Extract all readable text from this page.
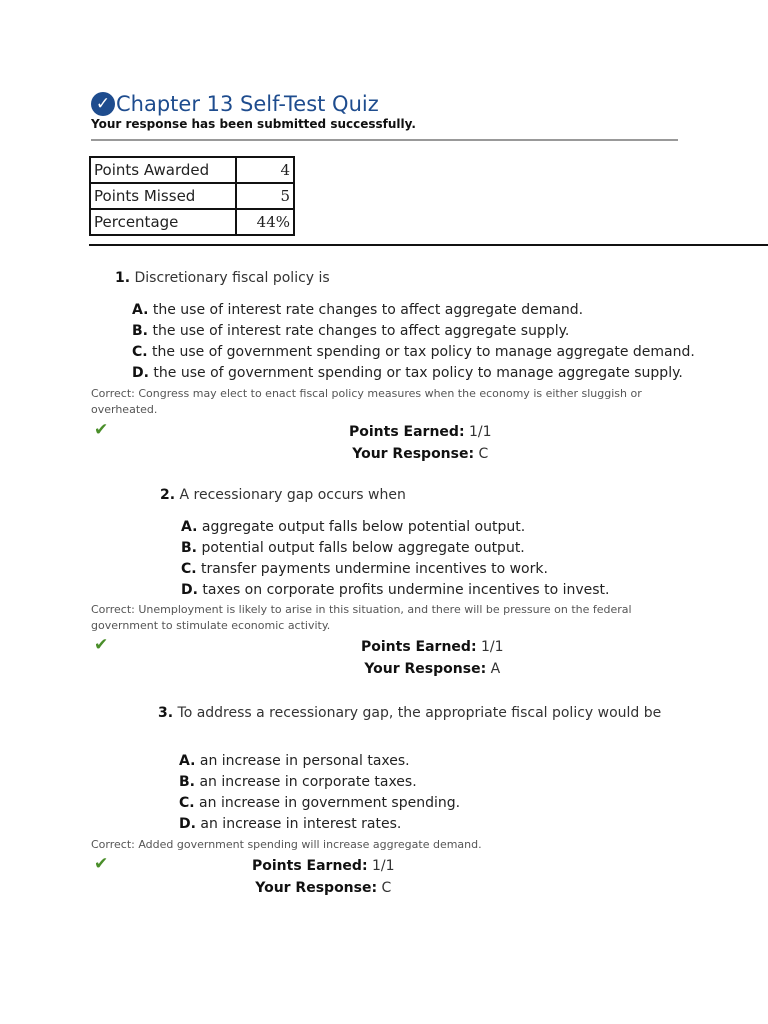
✓ Chapter 13 Self-Test Quiz
Your response has been submitted successfully.
Points Awarded	4
Points Missed	5
Percentage	44%
1. Discretionary fiscal policy is
A. the use of interest rate changes to affect aggregate demand.
B. the use of interest rate changes to affect aggregate supply.
C. the use of government spending or tax policy to manage aggregate demand.
D. the use of government spending or tax policy to manage aggregate supply.
Correct: Congress may elect to enact fiscal policy measures when the economy is either sluggish or overheated.
✔	Points Earned: 1/1
Your Response: C
2. A recessionary gap occurs when
A. aggregate output falls below potential output.
B. potential output falls below aggregate output.
C. transfer payments undermine incentives to work.
D. taxes on corporate profits undermine incentives to invest.
Correct: Unemployment is likely to arise in this situation, and there will be pressure on the federal government to stimulate economic activity.
✔	Points Earned: 1/1
Your Response: A
3. To address a recessionary gap, the appropriate fiscal policy would be
A. an increase in personal taxes.
B. an increase in corporate taxes.
C. an increase in government spending.
D. an increase in interest rates.
Correct: Added government spending will increase aggregate demand.
✔	Points Earned: 1/1
Your Response: C
